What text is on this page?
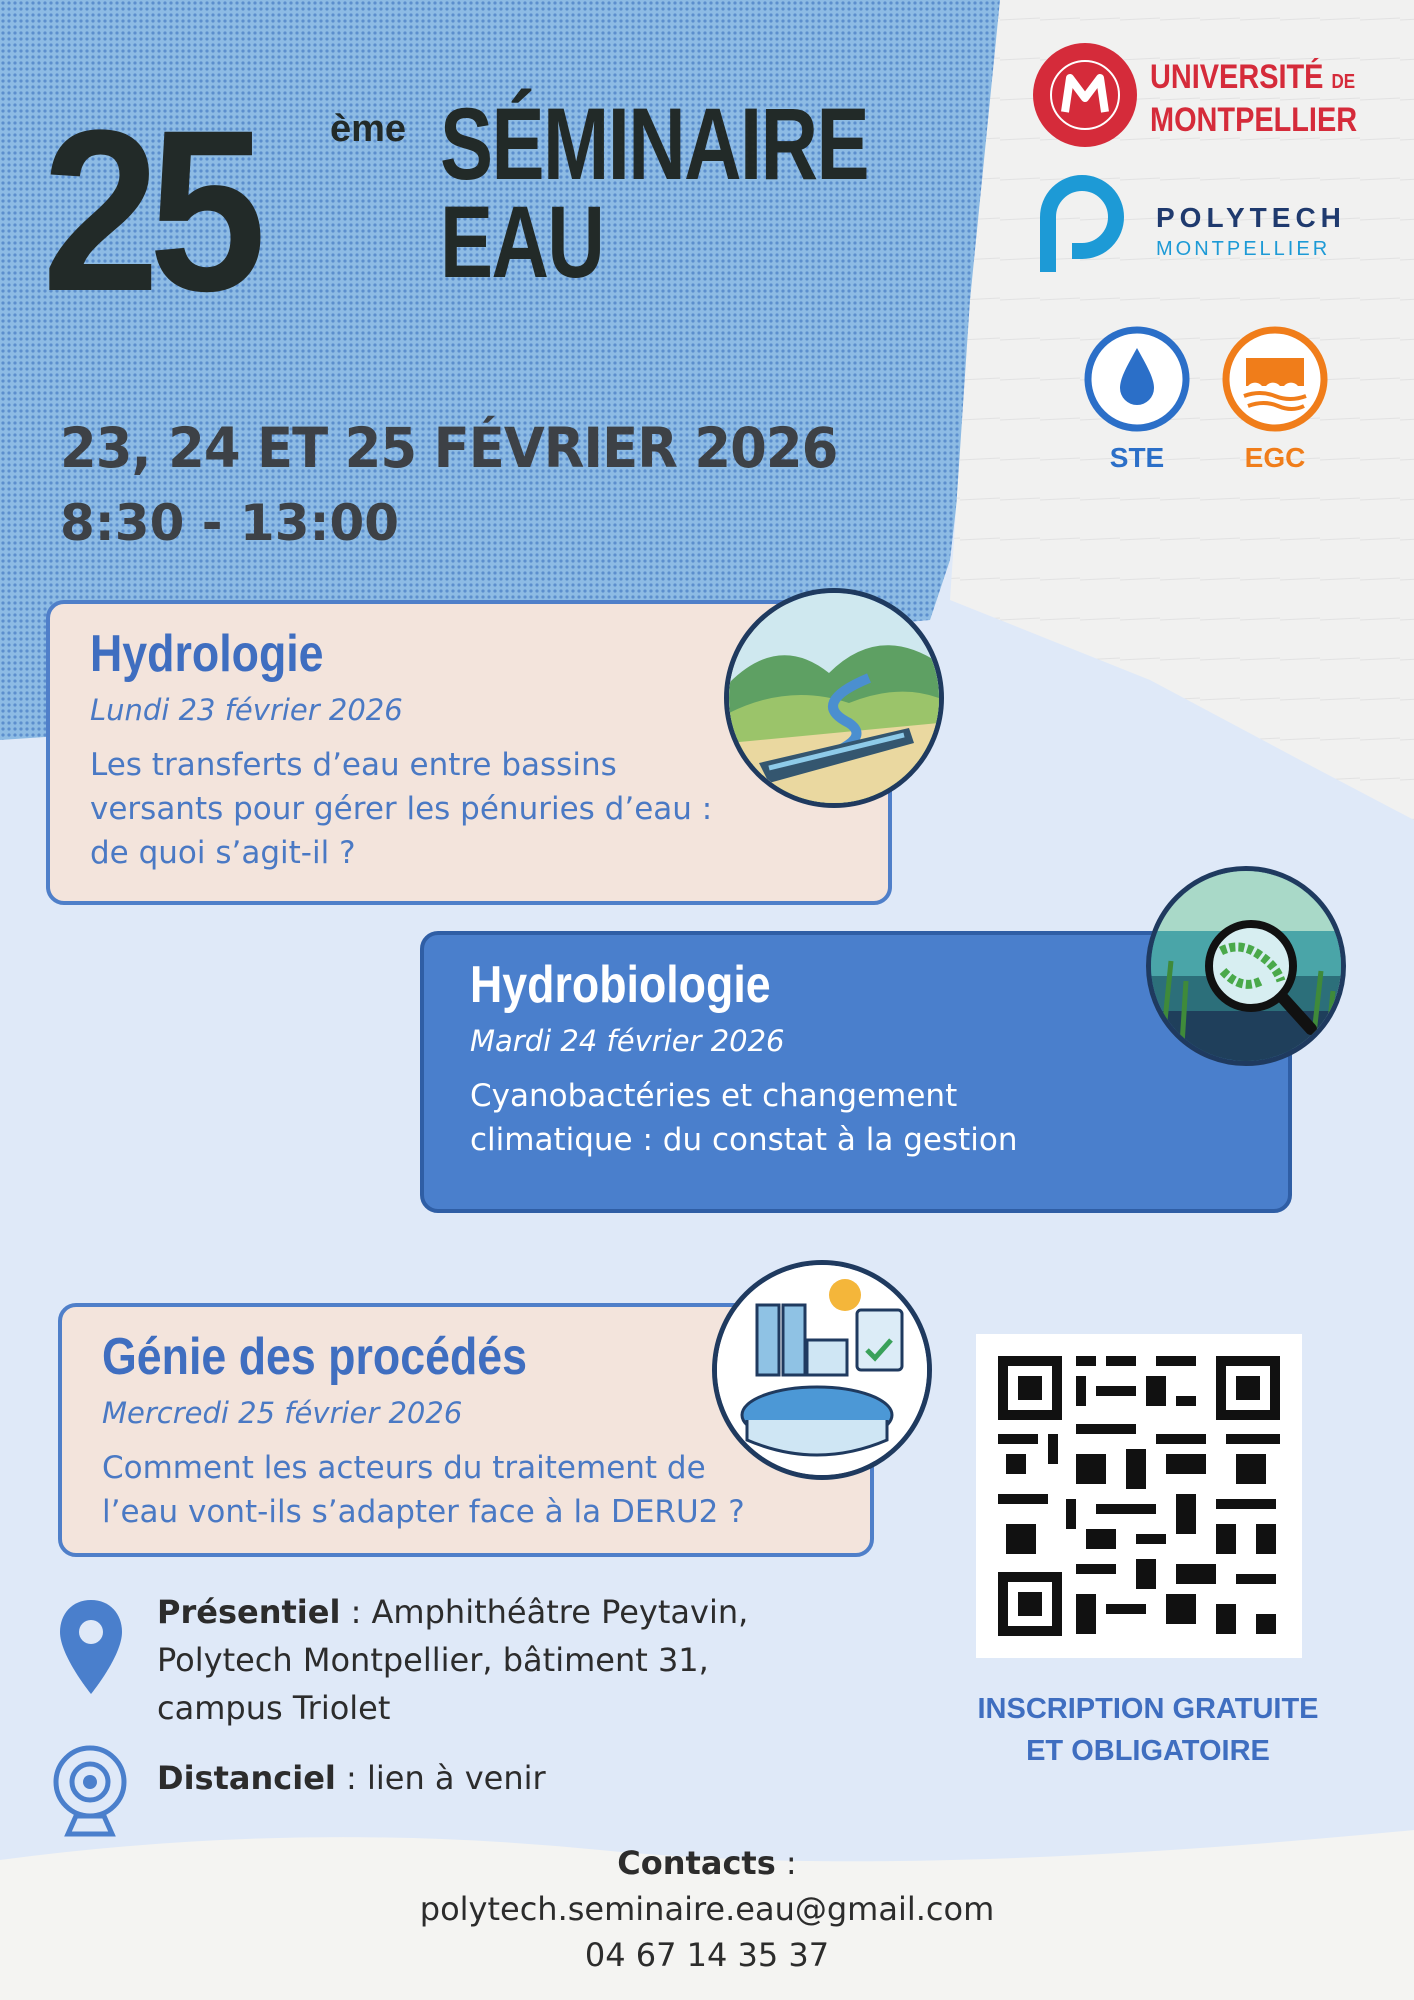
25 ème SÉMINAIRE
EAU
23, 24 ET 25 FÉVRIER 2026
8:30 - 13:00
UNIVERSITÉ DE
MONTPELLIER
POLYTECH
MONTPELLIER
STE	EGC
Hydrologie
Lundi 23 février 2026
Les transferts d’eau entre bassins
versants pour gérer les pénuries d’eau :
de quoi s’agit-il ?
Hydrobiologie
Mardi 24 février 2026
Cyanobactéries et changement
climatique : du constat à la gestion
Génie des procédés
Mercredi 25 février 2026
Comment les acteurs du traitement de
l’eau vont-ils s’adapter face à la DERU2 ?
Présentiel : Amphithéâtre Peytavin,
Polytech Montpellier, bâtiment 31,
campus Triolet
Distanciel : lien à venir
INSCRIPTION GRATUITE
ET OBLIGATOIRE
Contacts :
polytech.seminaire.eau@gmail.com
04 67 14 35 37
